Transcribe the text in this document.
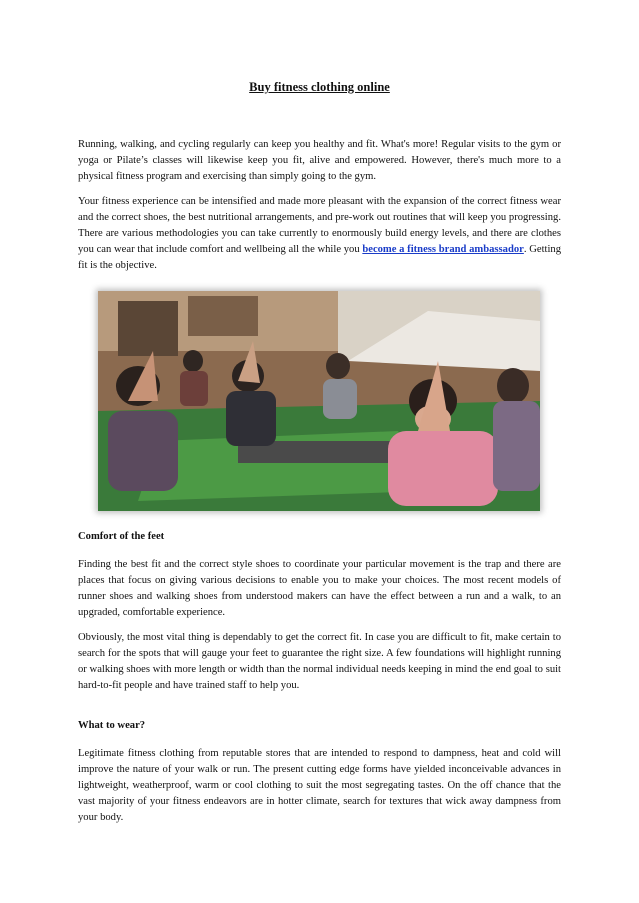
Buy fitness clothing online

Running, walking, and cycling regularly can keep you healthy and fit. What's more! Regular visits to the gym or yoga or Pilate’s classes will likewise keep you fit, alive and empowered. However, there's much more to a physical fitness program and exercising than simply going to the gym.

Your fitness experience can be intensified and made more pleasant with the expansion of the correct fitness wear and the correct shoes, the best nutritional arrangements, and pre-work out routines that will keep you progressing. There are various methodologies you can take currently to enormously build energy levels, and there are clothes you can wear that include comfort and wellbeing all the while you become a fitness brand ambassador. Getting fit is the objective.

Comfort of the feet

Finding the best fit and the correct style shoes to coordinate your particular movement is the trap and there are places that focus on giving various decisions to enable you to make your choices. The most recent models of runner shoes and walking shoes from understood makers can have the effect between a run and a walk, to an upgraded, comfortable experience.

Obviously, the most vital thing is dependably to get the correct fit. In case you are difficult to fit, make certain to search for the spots that will gauge your feet to guarantee the right size. A few foundations will highlight running or walking shoes with more length or width than the normal individual needs keeping in mind the end goal to suit hard-to-fit people and have trained staff to help you.

What to wear?

Legitimate fitness clothing from reputable stores that are intended to respond to dampness, heat and cold will improve the nature of your walk or run. The present cutting edge forms have yielded inconceivable advances in lightweight, weatherproof, warm or cool clothing to suit the most segregating tastes. On the off chance that the vast majority of your fitness endeavors are in hotter climate, search for textures that wick away dampness from your body.
